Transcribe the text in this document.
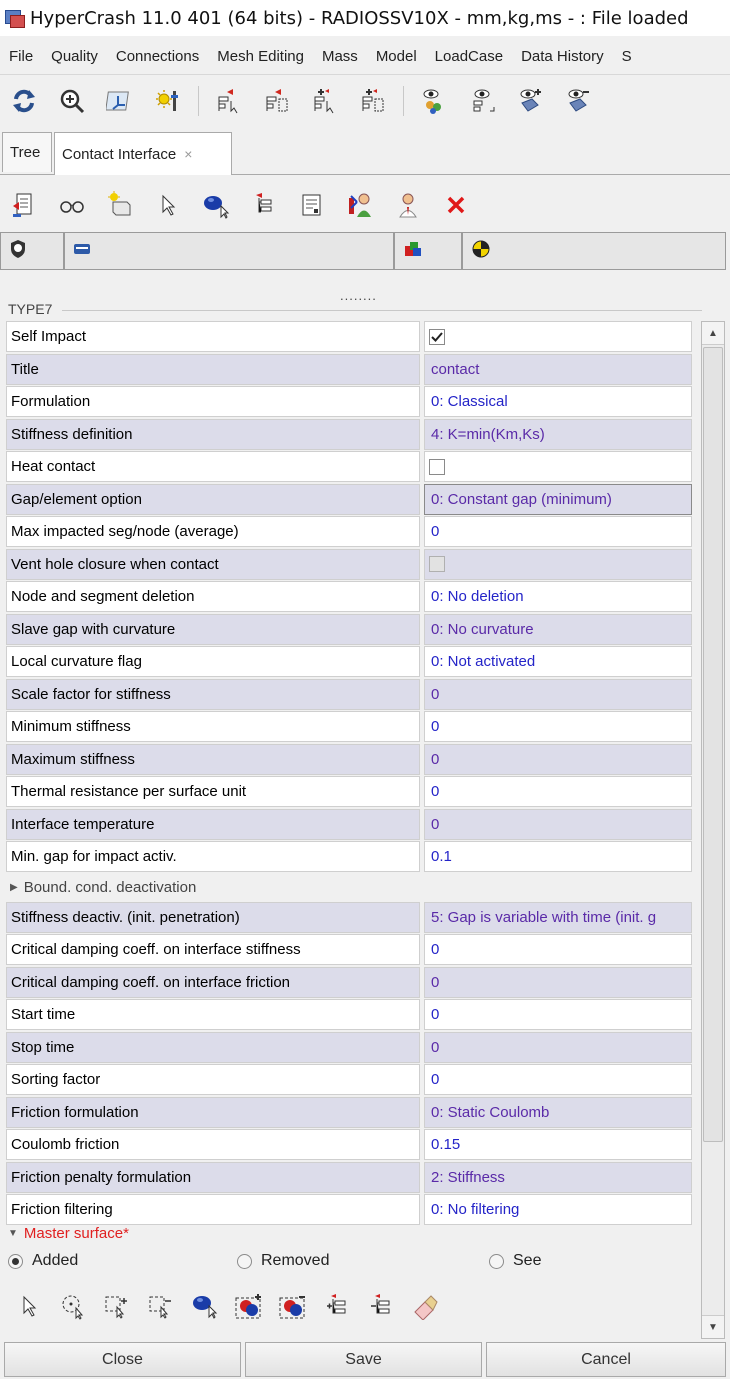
HyperCrash 11.0 401 (64 bits) - RADIOSSV10X - mm,kg,ms - : File loaded
File	Quality	Connections	Mesh Editing	Mass	Model	LoadCase	Data History	S
Tree Contact Interface ×
........
TYPE7
Self Impact
Title	contact
Formulation	0: Classical
Stiffness definition	4: K=min(Km,Ks)
Heat contact
Gap/element option	0: Constant gap (minimum)
Max impacted seg/node (average)	0
Vent hole closure when contact
Node and segment deletion	0: No deletion
Slave gap with curvature	0: No curvature
Local curvature flag	0: Not activated
Scale factor for stiffness	0
Minimum stiffness	0
Maximum stiffness	0
Thermal resistance per surface unit	0
Interface temperature	0
Min. gap for impact activ.	0.1
▶ Bound. cond. deactivation
Stiffness deactiv. (init. penetration)	5: Gap is variable with time (init. g
Critical damping coeff. on interface stiffness	0
Critical damping coeff. on interface friction	0
Start time	0
Stop time	0
Sorting factor	0
Friction formulation	0: Static Coulomb
Coulomb friction	0.15
Friction penalty formulation	2: Stiffness
Friction filtering	0: No filtering
▲
▼
▼ Master surface*
Added	Removed	See
Close	Save	Cancel
